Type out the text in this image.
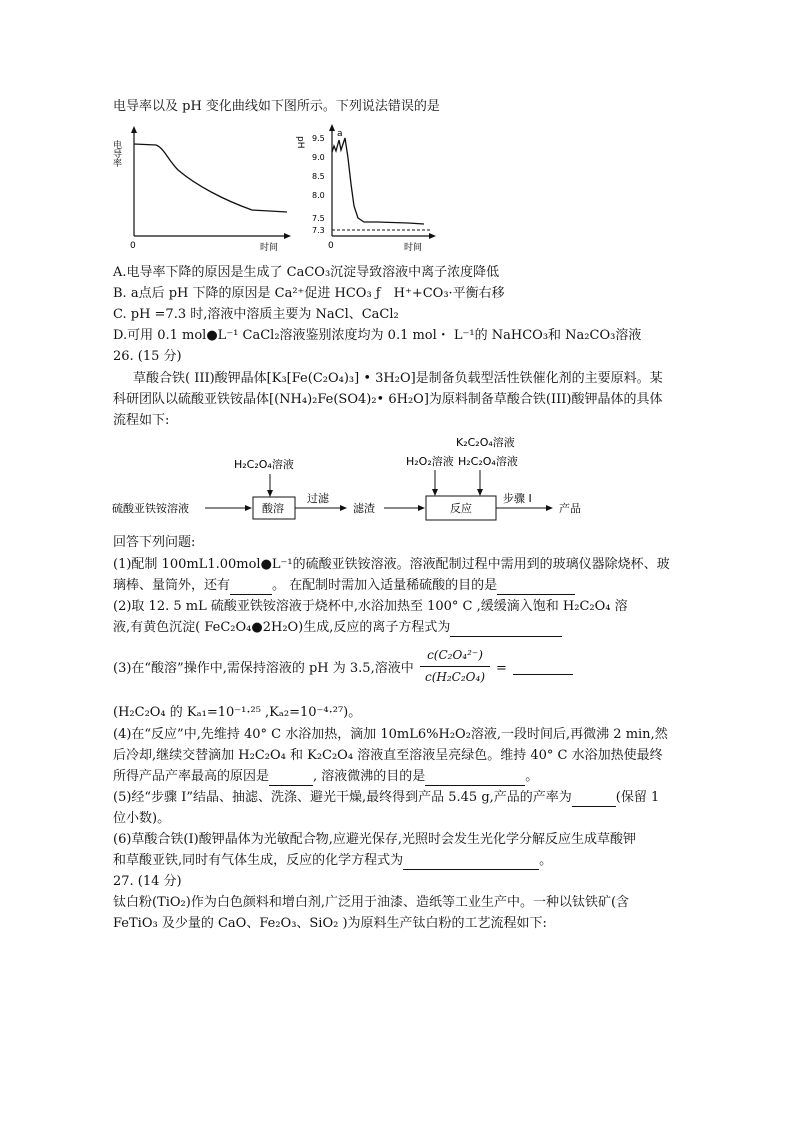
电导率以及 pH 变化曲线如下图所示。下列说法错误的是
电导率
0	时间
9.5
9.0
8.5
8.0
7.5
7.3
a
pH
0	时间
A.电导率下降的原因是生成了 CaCO₃沉淀导致溶液中离子浓度降低
B. a点后 pH 下降的原因是 Ca²⁺促进 HCO₃ ƒ　H⁺+CO₃·平衡右移
C. pH =7.3 时,溶液中溶质主要为 NaCl、CaCl₂
D.可用 0.1 mol●L⁻¹ CaCl₂溶液鉴别浓度均为 0.1 mol・ L⁻¹的 NaHCO₃和 Na₂CO₃溶液
26. (15 分)
草酸合铁( III)酸钾晶体[K₃[Fe(C₂O₄)₃] • 3H₂O]是制备负载型活性铁催化剂的主要原料。某
科研团队以硫酸亚铁铵晶体[(NH₄)₂Fe(SO4)₂• 6H₂O]为原料制备草酸合铁(III)酸钾晶体的具体
流程如下:
硫酸亚铁铵溶液
H₂C₂O₄溶液
酸溶
过滤
滤渣
K₂C₂O₄溶液
H₂O₂溶液 H₂C₂O₄溶液
反应
步骤 I
产品
回答下列问题:
(1)配制 100mL1.00mol●L⁻¹的硫酸亚铁铵溶液。溶液配制过程中需用到的玻璃仪器除烧杯、玻
璃棒、量筒外，还有	。 在配制时需加入适量稀硫酸的目的是
(2)取 12. 5 mL 硫酸亚铁铵溶液于烧杯中,水浴加热至 100° C ,缓缓滴入饱和 H₂C₂O₄ 溶
液,有黄色沉淀( FeC₂O₄●2H₂O)生成,反应的离子方程式为
(3)在“酸溶”操作中,需保持溶液的 pH 为 3.5,溶液中
c(C₂O₄²⁻)
c(H₂C₂O₄)
=
(H₂C₂O₄ 的 Kₐ₁=10⁻¹·²⁵ ,Kₐ₂=10⁻⁴·²⁷)。
(4)在“反应”中,先维持 40° C 水浴加热，滴加 10mL6%H₂O₂溶液,一段时间后,再微沸 2 min,然
后冷却,继续交替滴加 H₂C₂O₄ 和 K₂C₂O₄ 溶液直至溶液呈亮绿色。维持 40° C 水浴加热使最终
所得产品产率最高的原因是	, 溶液微沸的目的是	。
(5)经“步骤 I”结晶、抽滤、洗涤、避光干燥,最终得到产品 5.45 g,产品的产率为	(保留 1
位小数)。
(6)草酸合铁(I)酸钾晶体为光敏配合物,应避光保存,光照时会发生光化学分解反应生成草酸钾
和草酸亚铁,同时有气体生成，反应的化学方程式为	。
27. (14 分)
钛白粉(TiO₂)作为白色颜料和增白剂,广泛用于油漆、造纸等工业生产中。一种以钛铁矿(含
FeTiO₃ 及少量的 CaO、Fe₂O₃、SiO₂ )为原料生产钛白粉的工艺流程如下:
